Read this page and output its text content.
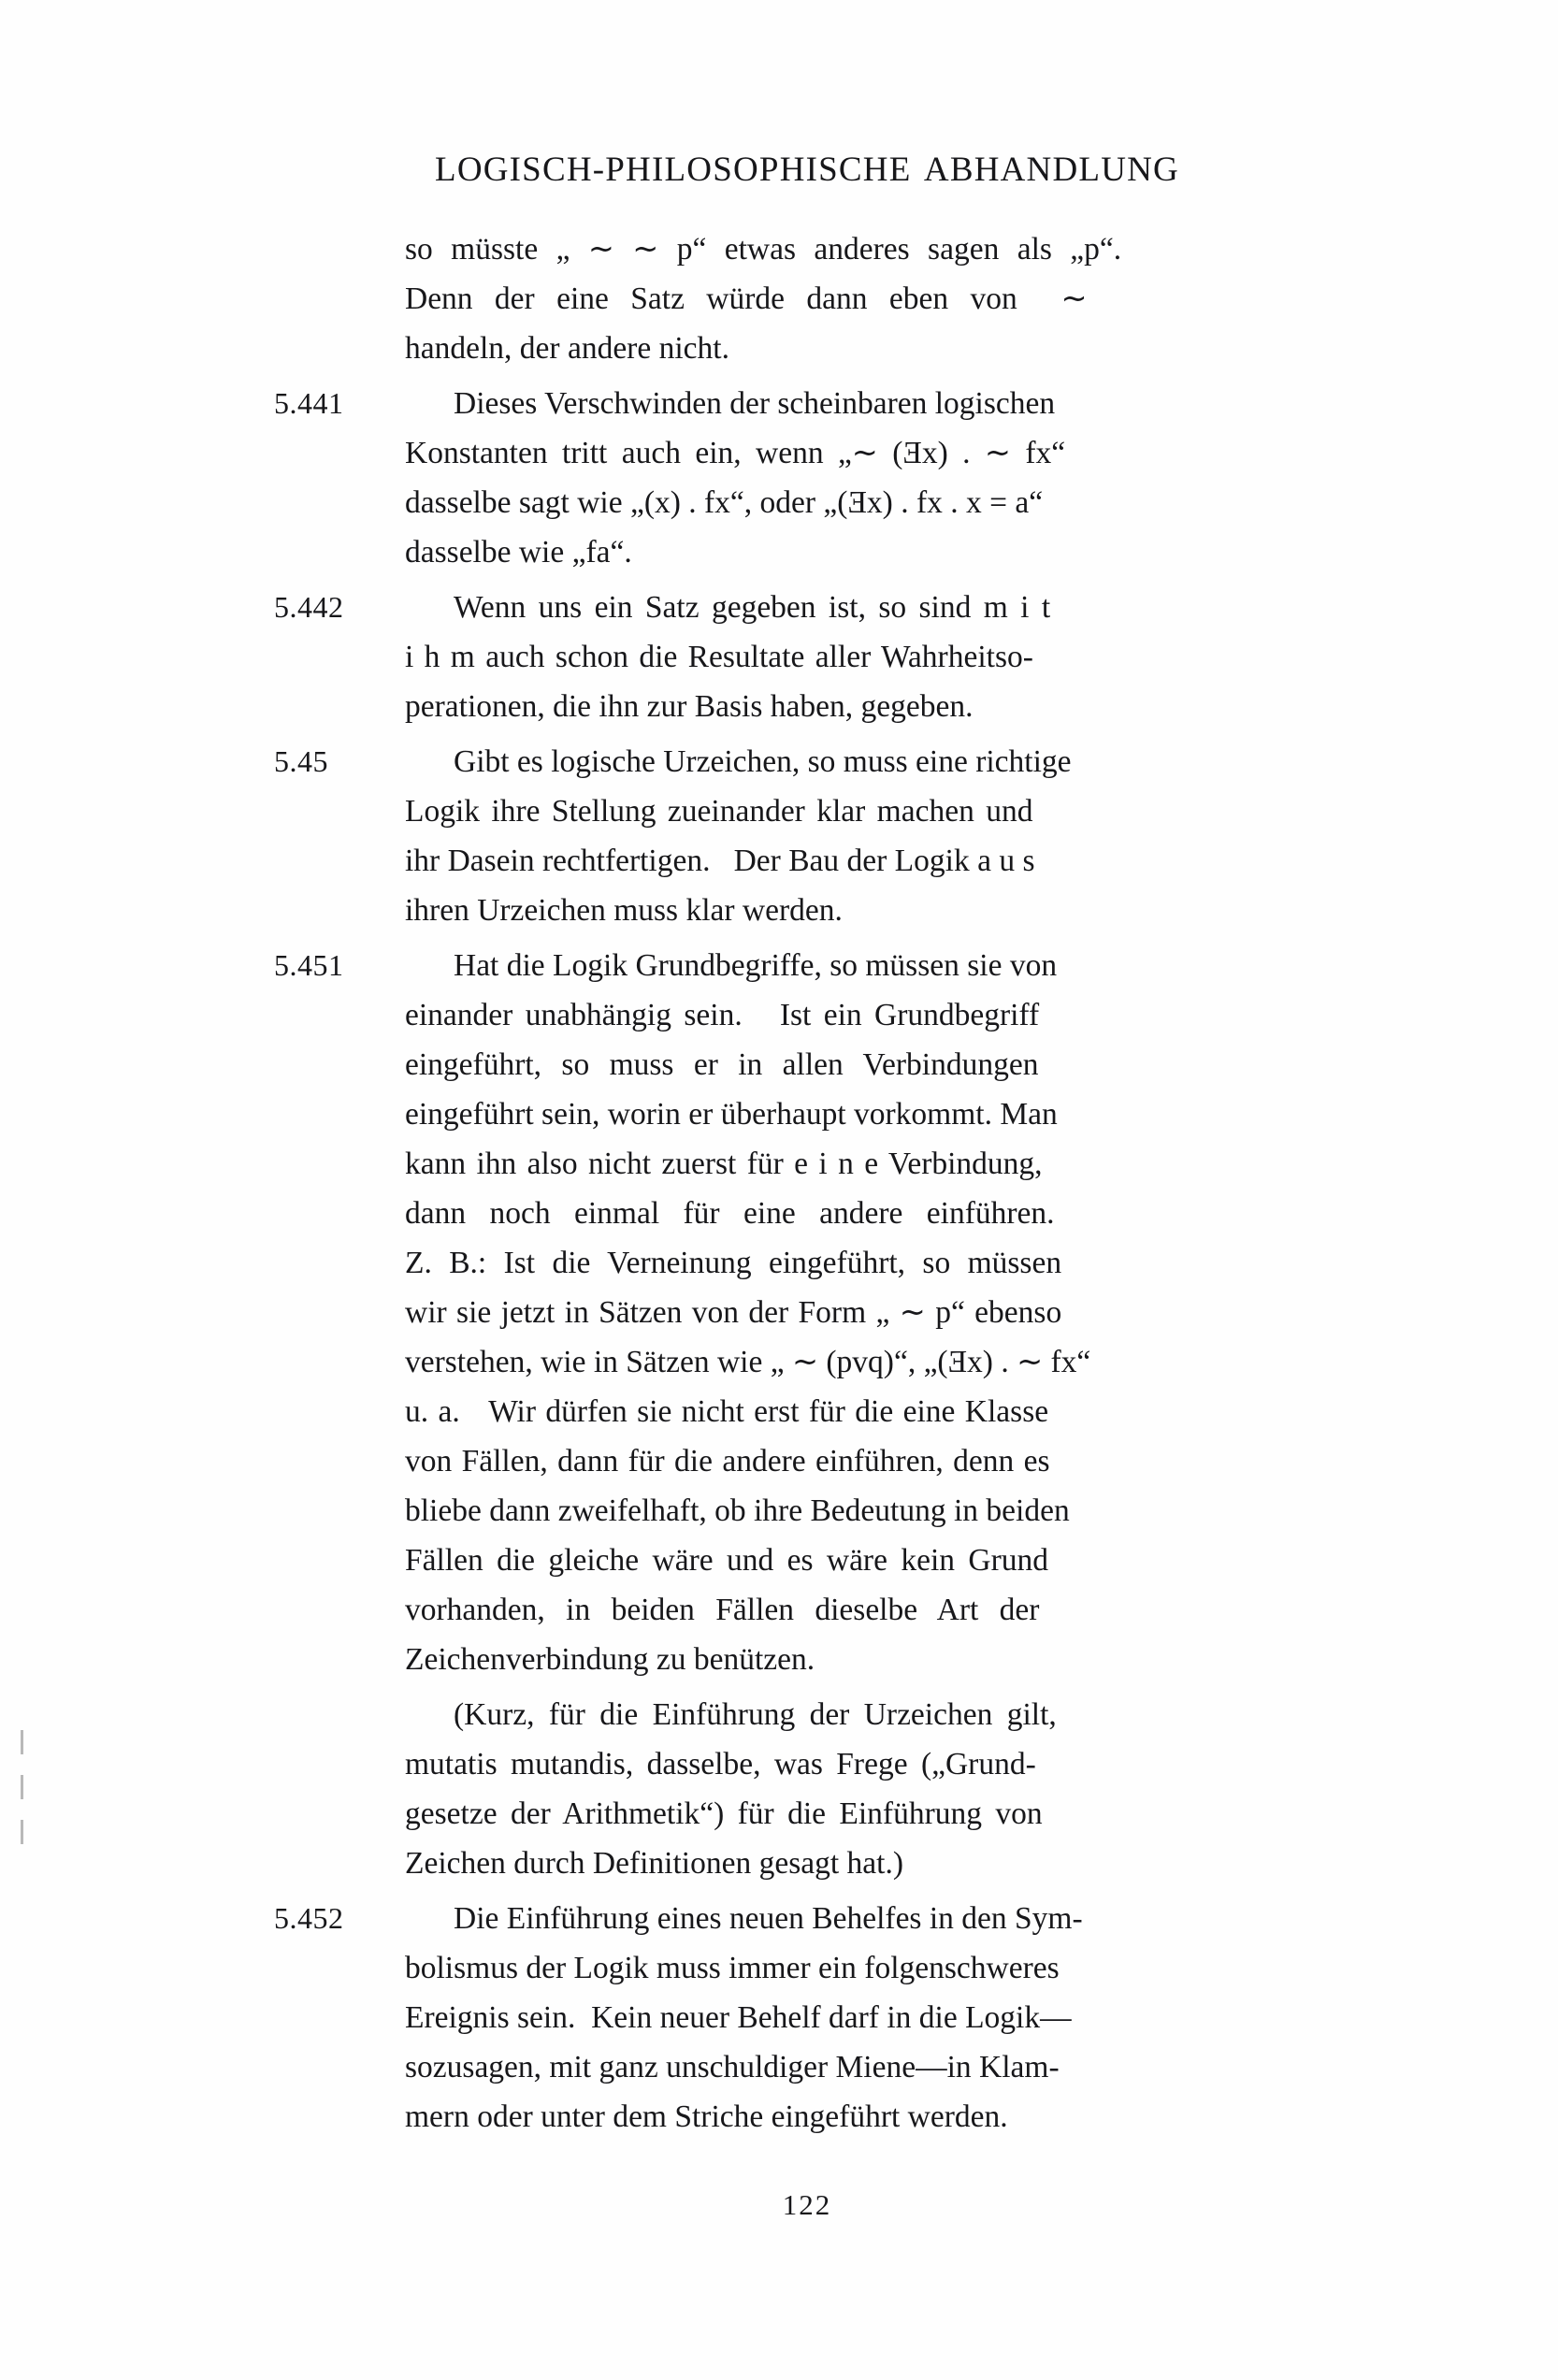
LOGISCH-PHILOSOPHISCHE ABHANDLUNG
so müsste „ ∼ ∼ p“ etwas anderes sagen als „p“.
Denn der eine Satz würde dann eben von  ∼
handeln, der andere nicht.
5.441	Dieses Verschwinden der scheinbaren logischen
Konstanten tritt auch ein, wenn „∼ (Ǝx) . ∼ fx“
dasselbe sagt wie „(x) . fx“, oder „(Ǝx) . fx . x = a“
dasselbe wie „fa“.
5.442	Wenn uns ein Satz gegeben ist, so sind m i t
i h m auch schon die Resultate aller Wahrheitso-
perationen, die ihn zur Basis haben, gegeben.
5.45	Gibt es logische Urzeichen, so muss eine richtige
Logik ihre Stellung zueinander klar machen und
ihr Dasein rechtfertigen.   Der Bau der Logik a u s
ihren Urzeichen muss klar werden.
5.451	Hat die Logik Grundbegriffe, so müssen sie von
einander unabhängig sein.   Ist ein Grundbegriff
eingeführt, so muss er in allen Verbindungen
eingeführt sein, worin er überhaupt vorkommt. Man
kann ihn also nicht zuerst für e i n e Verbindung,
dann noch einmal für eine andere einführen.
Z. B.: Ist die Verneinung eingeführt, so müssen
wir sie jetzt in Sätzen von der Form „ ∼ p“ ebenso
verstehen, wie in Sätzen wie „ ∼ (pvq)“, „(Ǝx) . ∼ fx“
u. a.   Wir dürfen sie nicht erst für die eine Klasse
von Fällen, dann für die andere einführen, denn es
bliebe dann zweifelhaft, ob ihre Bedeutung in beiden
Fällen die gleiche wäre und es wäre kein Grund
vorhanden, in beiden Fällen dieselbe Art der
Zeichenverbindung zu benützen.
(Kurz, für die Einführung der Urzeichen gilt,
mutatis mutandis, dasselbe, was Frege („Grund-
gesetze der Arithmetik“) für die Einführung von
Zeichen durch Definitionen gesagt hat.)
5.452	Die Einführung eines neuen Behelfes in den Sym-
bolismus der Logik muss immer ein folgenschweres
Ereignis sein.  Kein neuer Behelf darf in die Logik—
sozusagen, mit ganz unschuldiger Miene—in Klam-
mern oder unter dem Striche eingeführt werden.
122
